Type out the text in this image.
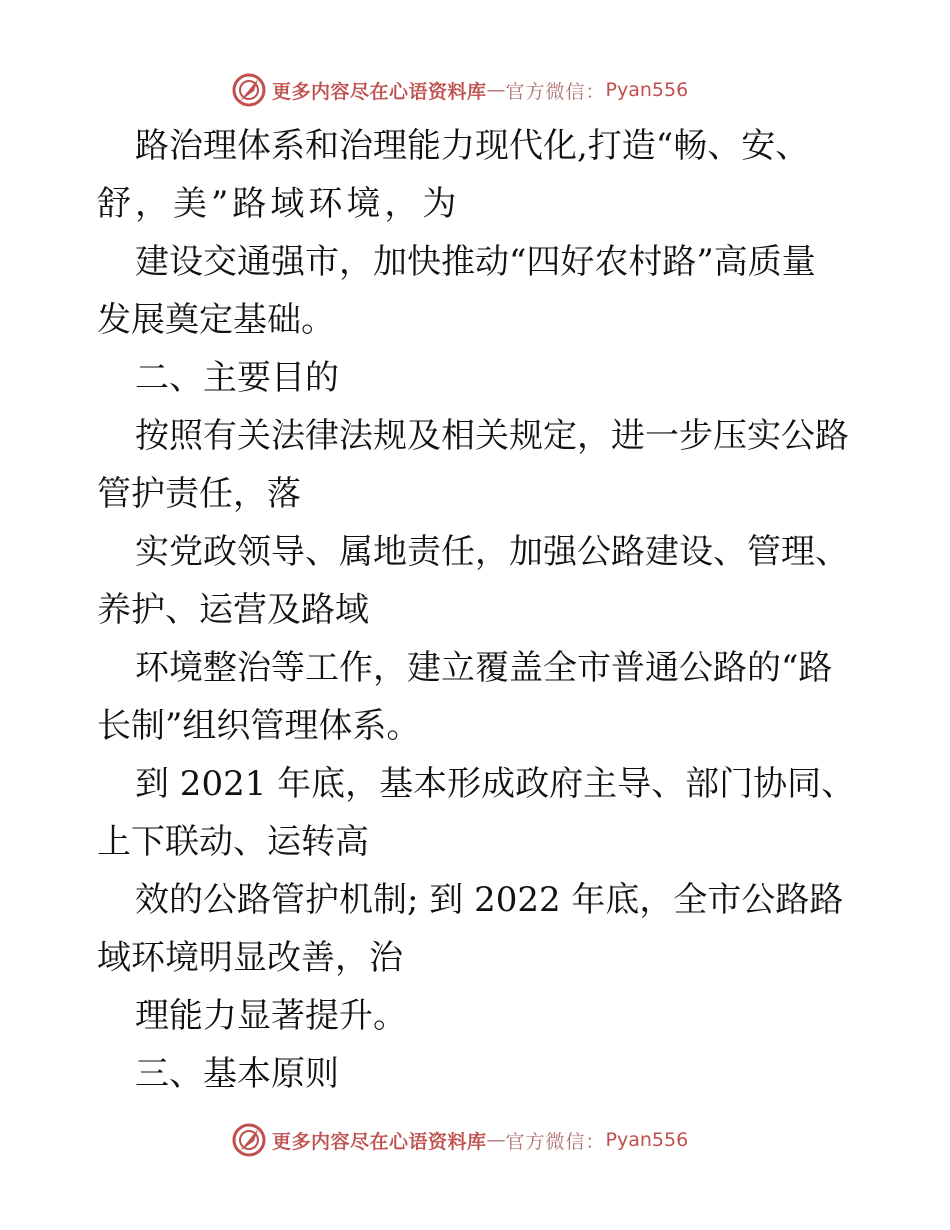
更多内容尽在心语资料库 — 官方微信： Pyan556
路治理体系和治理能力现代化,打造“畅、安、
舒，美”路域环境，为
建设交通强市，加快推动“四好农村路”高质量
发展奠定基础。
二、主要目的
按照有关法律法规及相关规定，进一步压实公路
管护责任，落
实党政领导、属地责任，加强公路建设、管理、
养护、运营及路域
环境整治等工作，建立覆盖全市普通公路的“路
长制”组织管理体系。
到 2021 年底，基本形成政府主导、部门协同、
上下联动、运转高
效的公路管护机制; 到 2022 年底，全市公路路
域环境明显改善，治
理能力显著提升。
三、基本原则
更多内容尽在心语资料库 — 官方微信： Pyan556
